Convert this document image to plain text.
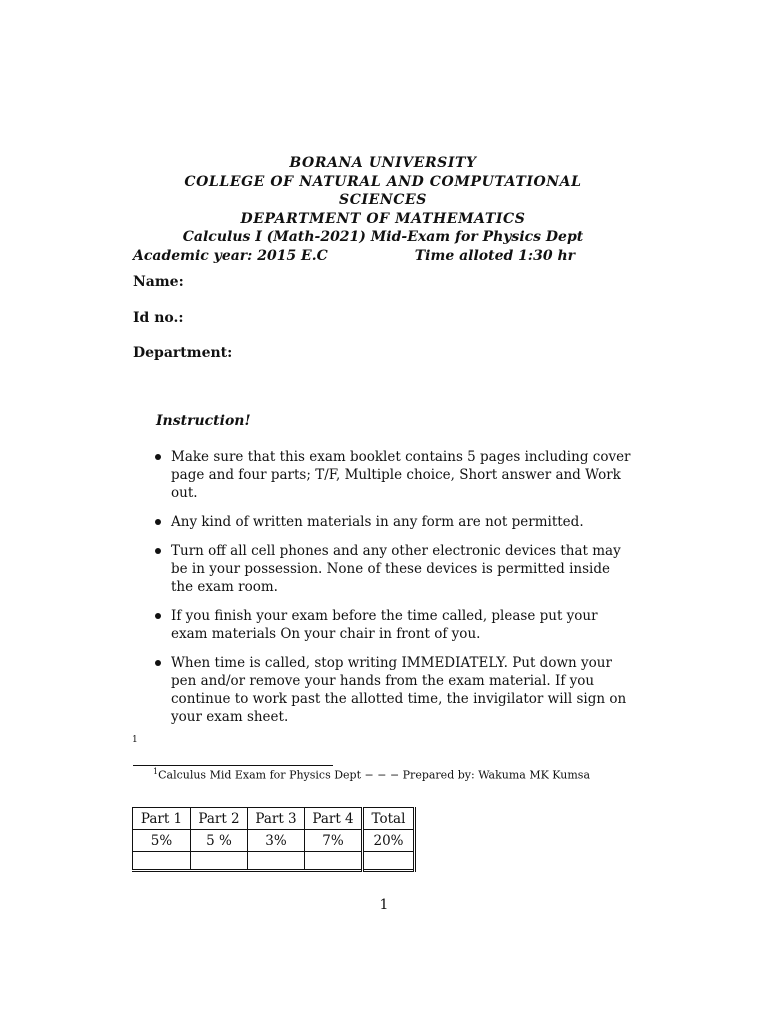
BORANA UNIVERSITY
COLLEGE OF NATURAL AND COMPUTATIONAL
SCIENCES
DEPARTMENT OF MATHEMATICS
Calculus I (Math-2021) Mid-Exam for Physics Dept
Academic year: 2015 E.C	Time alloted 1:30 hr
Name:
Id no.:
Department:
Instruction!
Make sure that this exam booklet contains 5 pages including cover page and four parts; T/F, Multiple choice, Short answer and Work out.
Any kind of written materials in any form are not permitted.
Turn off all cell phones and any other electronic devices that may be in your possession. None of these devices is permitted inside the exam room.
If you finish your exam before the time called, please put your exam materials On your chair in front of you.
When time is called, stop writing IMMEDIATELY. Put down your pen and/or remove your hands from the exam material. If you continue to work past the allotted time, the invigilator will sign on your exam sheet.
1
$^1$Calculus Mid Exam for Physics Dept − − − Prepared by: Wakuma MK Kumsa
Part 1	Part 2	Part 3	Part 4	Total
5%	5 %	3%	7%	20%

1
